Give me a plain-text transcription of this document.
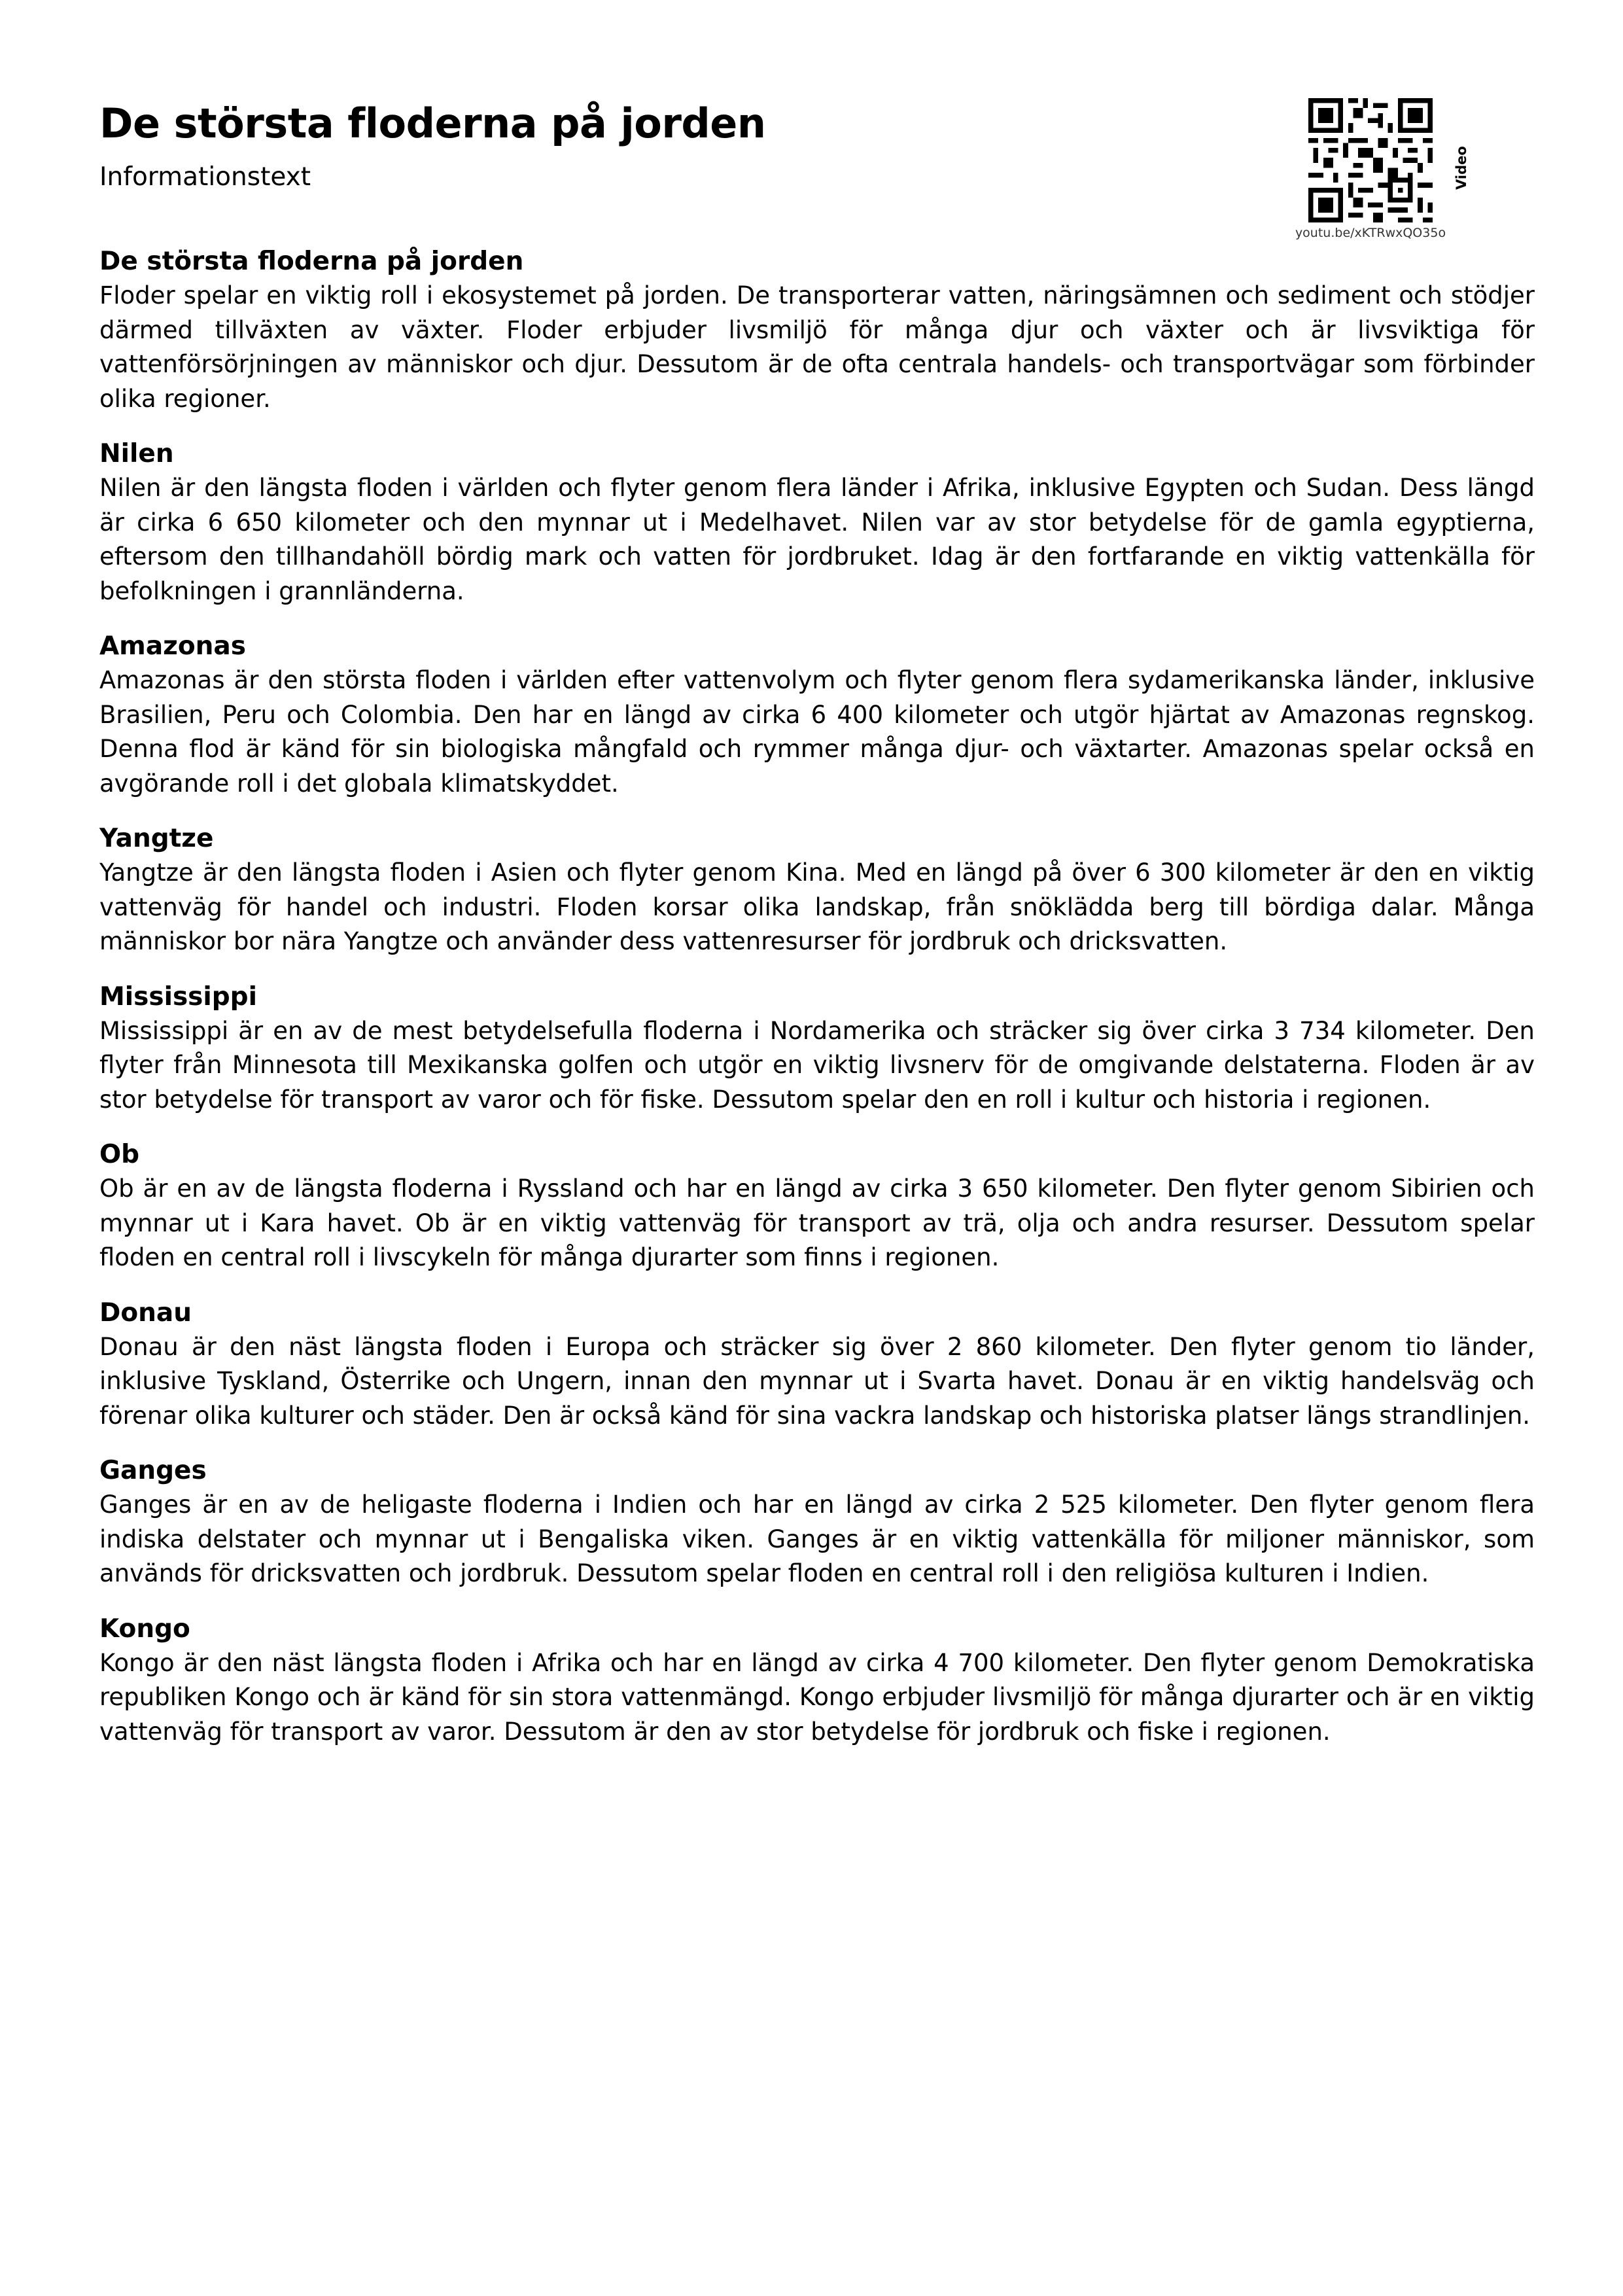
De största floderna på jorden
Informationstext
youtu.be/xKTRwxQO35o
Video
De största floderna på jorden

Floder spelar en viktig roll i ekosystemet på jorden. De transporterar vatten, näringsämnen och sediment och stödjer därmed tillväxten av växter. Floder erbjuder livsmiljö för många djur och växter och är livsviktiga för vattenförsörjningen av människor och djur. Dessutom är de ofta centrala handels- och transportvägar som förbinder olika regioner.

Nilen

Nilen är den längsta floden i världen och flyter genom flera länder i Afrika, inklusive Egypten och Sudan. Dess längd är cirka 6 650 kilometer och den mynnar ut i Medelhavet. Nilen var av stor betydelse för de gamla egyptierna, eftersom den tillhandahöll bördig mark och vatten för jordbruket. Idag är den fortfarande en viktig vattenkälla för befolkningen i grannländerna.

Amazonas

Amazonas är den största floden i världen efter vattenvolym och flyter genom flera sydamerikanska länder, inklusive Brasilien, Peru och Colombia. Den har en längd av cirka 6 400 kilometer och utgör hjärtat av Amazonas regnskog. Denna flod är känd för sin biologiska mångfald och rymmer många djur- och växtarter. Amazonas spelar också en avgörande roll i det globala klimatskyddet.

Yangtze

Yangtze är den längsta floden i Asien och flyter genom Kina. Med en längd på över 6 300 kilometer är den en viktig vattenväg för handel och industri. Floden korsar olika landskap, från snöklädda berg till bördiga dalar. Många människor bor nära Yangtze och använder dess vattenresurser för jordbruk och dricksvatten.

Mississippi

Mississippi är en av de mest betydelsefulla floderna i Nordamerika och sträcker sig över cirka 3 734 kilometer. Den flyter från Minnesota till Mexikanska golfen och utgör en viktig livsnerv för de omgivande delstaterna. Floden är av stor betydelse för transport av varor och för fiske. Dessutom spelar den en roll i kultur och historia i regionen.

Ob

Ob är en av de längsta floderna i Ryssland och har en längd av cirka 3 650 kilometer. Den flyter genom Sibirien och mynnar ut i Kara havet. Ob är en viktig vattenväg för transport av trä, olja och andra resurser. Dessutom spelar floden en central roll i livscykeln för många djurarter som finns i regionen.

Donau

Donau är den näst längsta floden i Europa och sträcker sig över 2 860 kilometer. Den flyter genom tio länder, inklusive Tyskland, Österrike och Ungern, innan den mynnar ut i Svarta havet. Donau är en viktig handelsväg och förenar olika kulturer och städer. Den är också känd för sina vackra landskap och historiska platser längs strandlinjen.

Ganges

Ganges är en av de heligaste floderna i Indien och har en längd av cirka 2 525 kilometer. Den flyter genom flera indiska delstater och mynnar ut i Bengaliska viken. Ganges är en viktig vattenkälla för miljoner människor, som används för dricksvatten och jordbruk. Dessutom spelar floden en central roll i den religiösa kulturen i Indien.

Kongo

Kongo är den näst längsta floden i Afrika och har en längd av cirka 4 700 kilometer. Den flyter genom Demokratiska republiken Kongo och är känd för sin stora vattenmängd. Kongo erbjuder livsmiljö för många djurarter och är en viktig vattenväg för transport av varor. Dessutom är den av stor betydelse för jordbruk och fiske i regionen.
